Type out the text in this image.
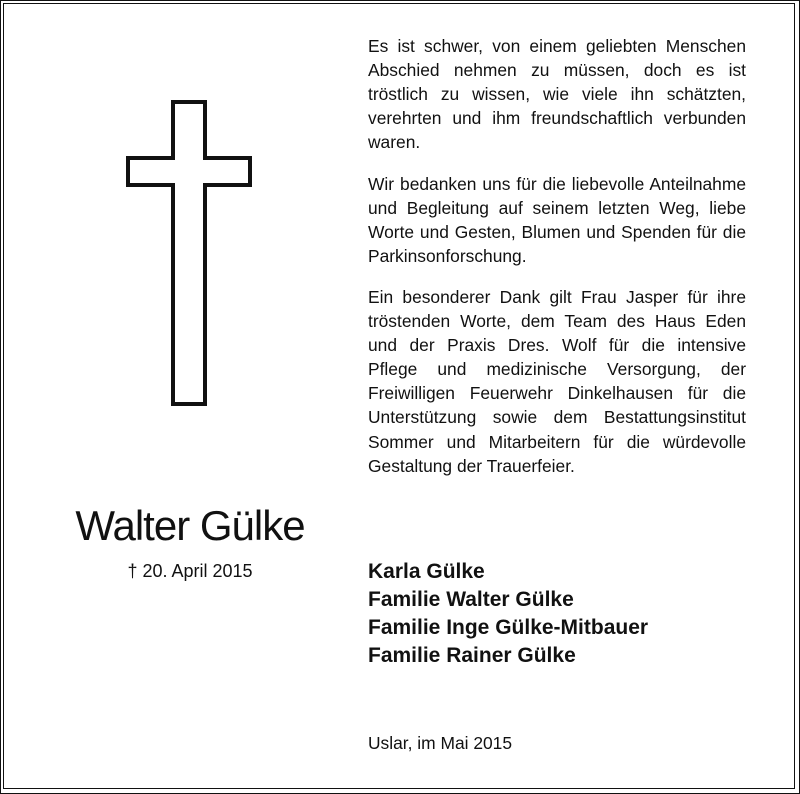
Walter Gülke
† 20. April 2015
Es ist schwer, von einem geliebten Menschen Abschied nehmen zu müssen, doch es ist tröstlich zu wissen, wie viele ihn schätzten, verehrten und ihm freundschaftlich verbunden waren.
Wir bedanken uns für die liebevolle Anteilnahme und Begleitung auf seinem letzten Weg, liebe Worte und Gesten, Blumen und Spenden für die Parkinsonforschung.
Ein besonderer Dank gilt Frau Jasper für ihre tröstenden Worte, dem Team des Haus Eden und der Praxis Dres. Wolf für die intensive Pflege und medizinische Versorgung, der Freiwilligen Feuerwehr Dinkelhausen für die Unterstützung sowie dem Bestattungsinstitut Sommer und Mitarbeitern für die würdevolle Gestaltung der Trauerfeier.
Karla Gülke
Familie Walter Gülke
Familie Inge Gülke-Mitbauer
Familie Rainer Gülke
Uslar, im Mai 2015
